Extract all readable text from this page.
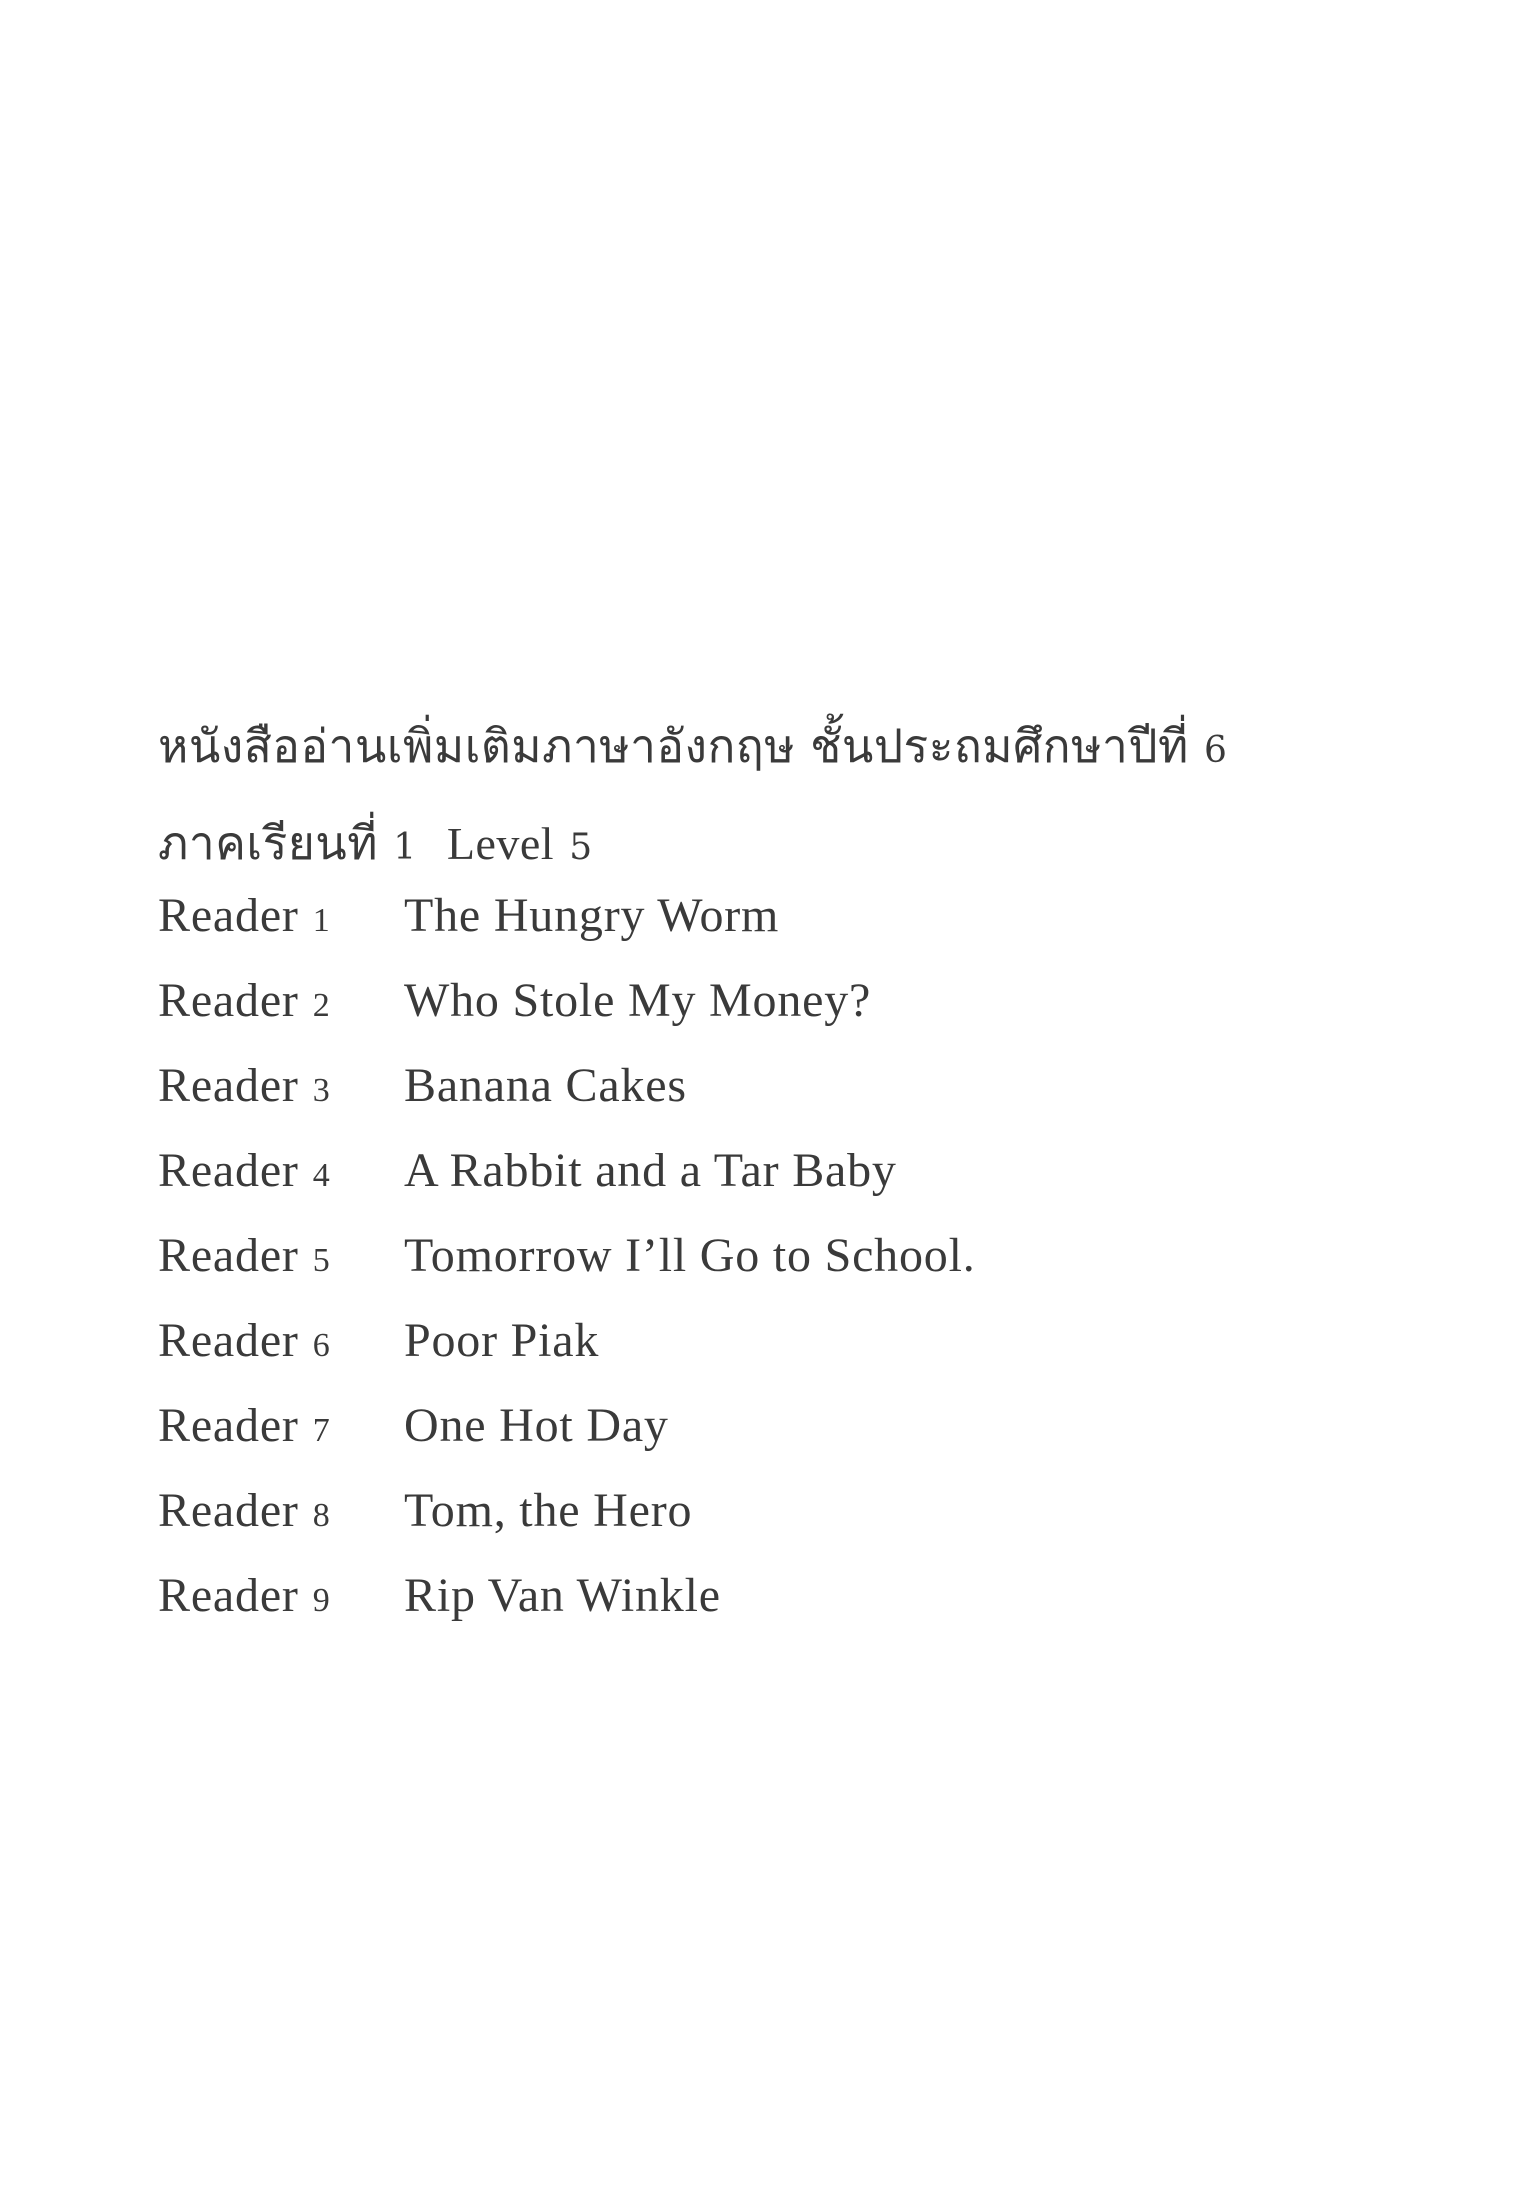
หนังสืออ่านเพิ่มเติมภาษาอังกฤษ ชั้นประถมศึกษาปีที่ 6
ภาคเรียนที่ 1 Level 5
Reader 1	The Hungry Worm
Reader 2	Who Stole My Money?
Reader 3	Banana Cakes
Reader 4	A Rabbit and a Tar Baby
Reader 5	Tomorrow I’ll Go to School.
Reader 6	Poor Piak
Reader 7	One Hot Day
Reader 8	Tom, the Hero
Reader 9	Rip Van Winkle
